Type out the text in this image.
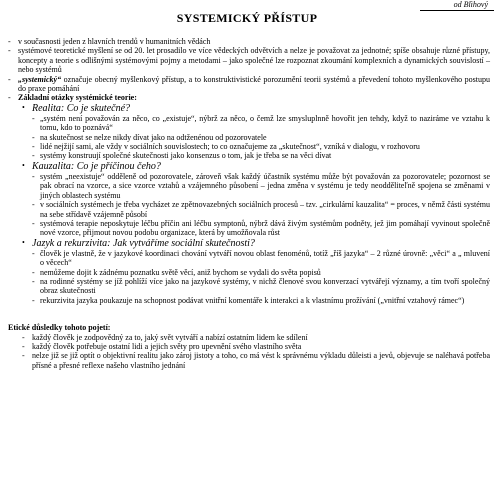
od Blìhový
SYSTEMICKÝ PŘÍSTUP
- v současnosti jeden z hlavních trendů v humanitních vědách
- systémové teoretické myšlení se od 20. let prosadilo ve více vědeckých odvětvích a nelze je považovat za jednotné; spíše obsahuje různé přístupy, koncepty a teorie s odlišnými systémovými pojmy a metodami – jako společné lze rozpoznat zkoumání komplexních a dynamických souvislostí – nebo systémů
- „systemický“ označuje obecný myšlenkový přístup, a to konstruktivistické porozumění teorii systémů a převedení tohoto myšlenkového postupu do praxe pomáhání
- Základní otázky systémické teorie:
• Realita: Co je skutečné?
- „systém není považován za něco, co „existuje“, nýbrž za něco, o čemž lze smysluplnně hovořit jen tehdy, když to naziráme ve vztahu k tomu, kdo to poznává“
- na skutečnost se nelze nikdy dívat jako na odtženénou od pozorovatele
- lidé nejžijí sami, ale vždy v sociálních souvislostech; to co označujeme za „skutečnost“, vzníká v dialogu, v rozhovoru
- systémy konstruují společné skutečnosti jako konsenzus o tom, jak je třeba se na věci dívat
• Kauzalita: Co je příčinou čeho?
- systém „neexistuje“ odděleně od pozorovatele, zároveň však každý účastník systému může být považován za pozorovatele; pozornost se pak obrací na vzorce, a sice vzorce vztahů a vzájemného působení – jedna změna v systému je tedy neodděliteľně spojena se změnami v jiných oblastech systému
- v sociálních systémech je třeba vycházet ze zpětnovazebných sociálních procesů – tzv. „cirkulární kauzalita“ = proces, v němž části systému na sebe střídavě vzájemně působí
- systémová terapie neposkytuje léčbu příčin ani léčbu symptonů, nýbrž dává živým systémům podněty, jež jim pomáhají vyvinout společně nové vzorce, přijmout novou podobu organizace, která by umožňovala růst
• Jazyk a rekurzivita: Jak vytváříme sociální skutečnosti?
- člověk je vlastně, že v jazykové koordinaci chování vytváří novou oblast fenoménů, totíž „říš jazyka“ – 2 různé úrovně: „věci“ a „ mluvení o věcech“
- nemůžeme dojit k zádnému poznatku světě věcí, aniž bychom se vydali do světa popisů
- na rodinné systémy se jíž pohlíží více jako na jazykové systémy, v nichž členové svou konverzací vytvářejí významy, a tím tvoří společný obraz skutečnosti
- rekurzivita jazyka poukazuje na schopnost podávat vnitřní komentáře k interakci a k vlastnímu prožívání („vnitřní vztahový rámec“)
Etické důsledky tohoto pojetí:
- každý člověk je zodpovědný za to, jaký svět vytváří a nabízí ostatním lidem ke sdílení
- každý člověk potřebuje ostatní lidi a jejich světy pro upevnění svého vlastního světa
- nelze již se již optít o objektivní realitu jako zároj jistoty a toho, co má vést k správnému výkladu důleisti a jevů, objevuje se naléhavá potřeba přísné a přesné reflexe našeho vlastního jednání
